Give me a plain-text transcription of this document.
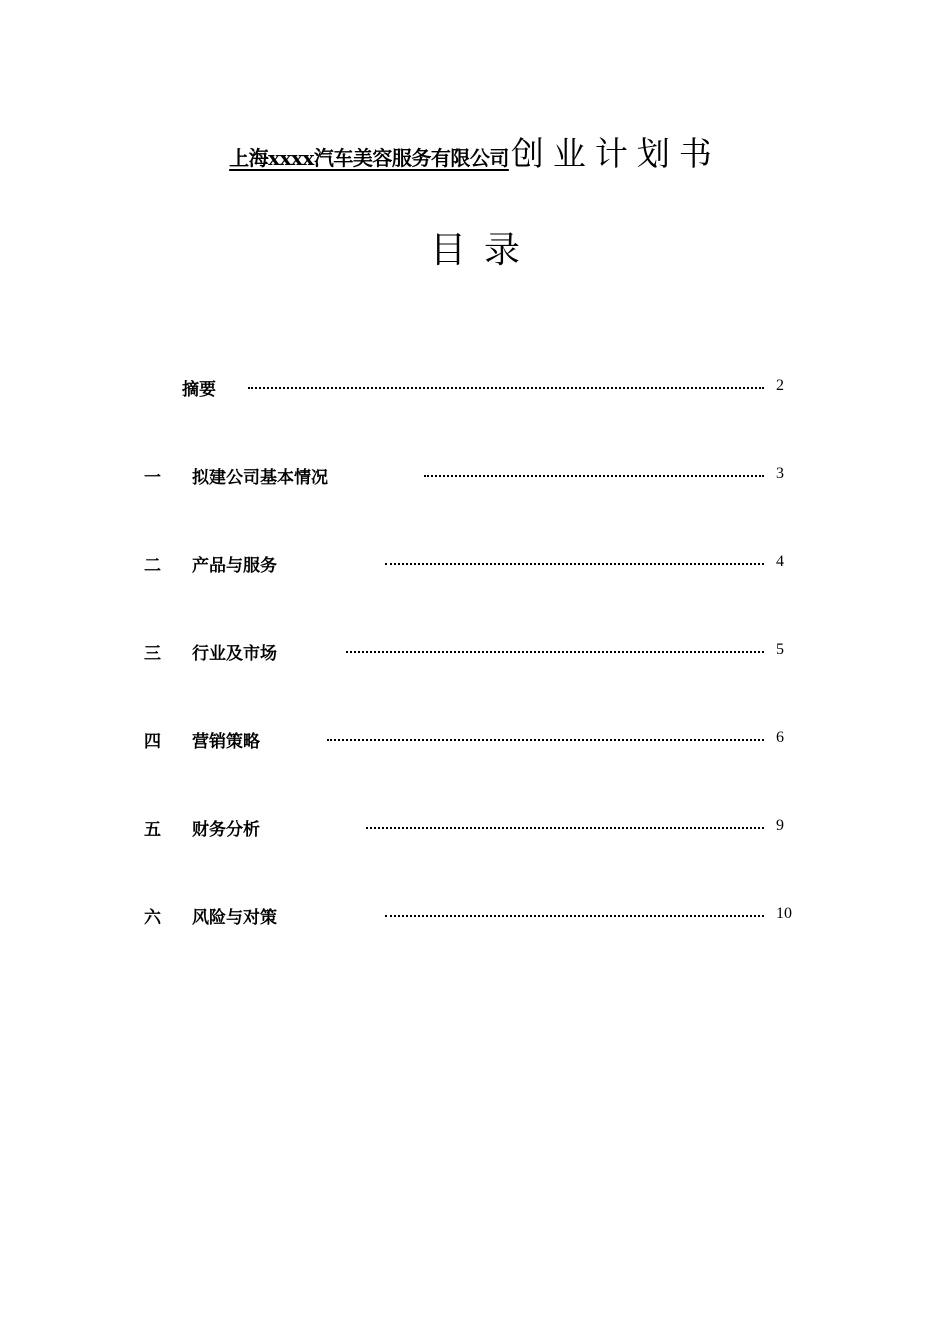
上海xxxx汽车美容服务有限公司创业计划书
目录
摘要	2
一 拟建公司基本情况	3
二 产品与服务	4
三 行业及市场	5
四 营销策略	6
五 财务分析	9
六 风险与对策	10
